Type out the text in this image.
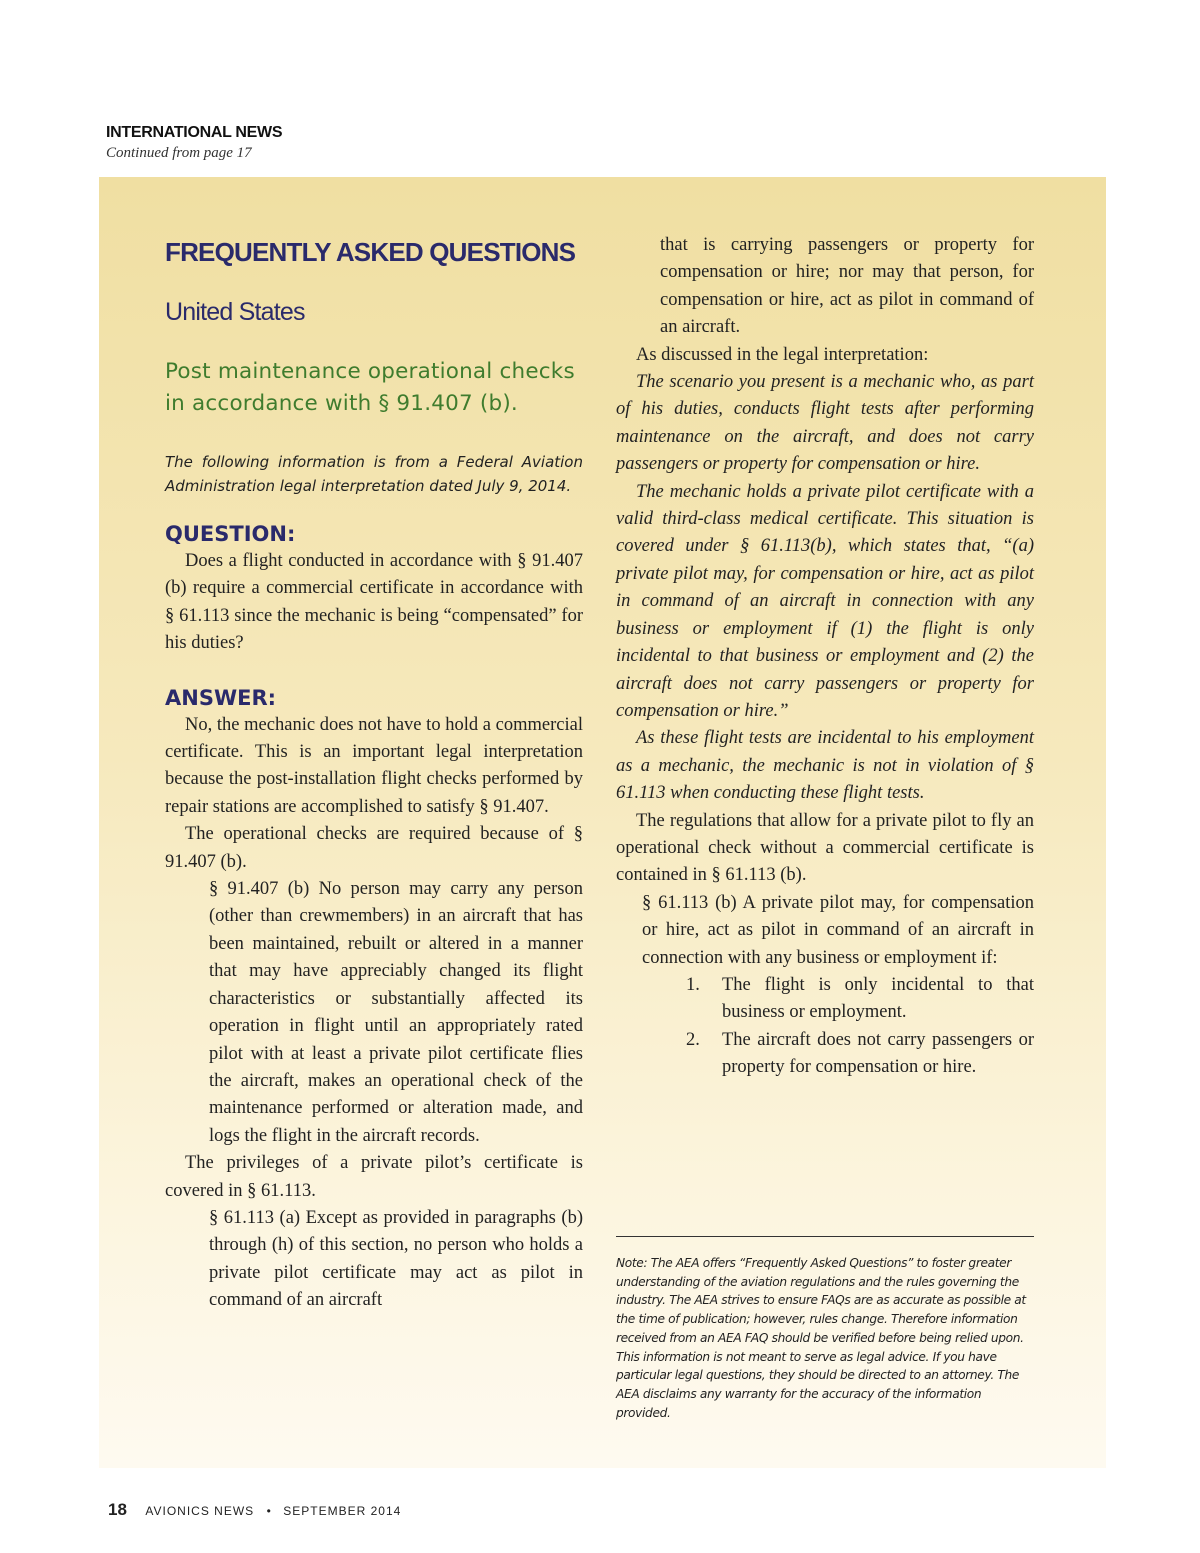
INTERNATIONAL NEWS
Continued from page 17
FREQUENTLY ASKED QUESTIONS
United States
Post maintenance operational checks in accordance with § 91.407 (b).
The following information is from a Federal Aviation Administration legal interpretation dated July 9, 2014.
QUESTION:

Does a flight conducted in accordance with § 91.407 (b) require a commercial certificate in accordance with § 61.113 since the mechanic is being “compensated” for his duties?

ANSWER:

No, the mechanic does not have to hold a commercial certificate. This is an important legal interpretation because the post-installation flight checks performed by repair stations are accomplished to satisfy § 91.407.

The operational checks are required because of § 91.407 (b).

§ 91.407 (b) No person may carry any person (other than crewmembers) in an aircraft that has been maintained, rebuilt or altered in a manner that may have appreciably changed its flight characteristics or substantially affected its operation in flight until an appropriately rated pilot with at least a private pilot certificate flies the aircraft, makes an operational check of the maintenance performed or alteration made, and logs the flight in the aircraft records.

The privileges of a private pilot’s certificate is covered in § 61.113.

§ 61.113 (a) Except as provided in paragraphs (b) through (h) of this section, no person who holds a private pilot certificate may act as pilot in command of an aircraft

that is carrying passengers or property for compensation or hire; nor may that person, for compensation or hire, act as pilot in command of an aircraft.

As discussed in the legal interpretation:

The scenario you present is a mechanic who, as part of his duties, conducts flight tests after performing maintenance on the aircraft, and does not carry passengers or property for compensation or hire.

The mechanic holds a private pilot certificate with a valid third-class medical certificate. This situation is covered under § 61.113(b), which states that, “(a) private pilot may, for compensation or hire, act as pilot in command of an aircraft in connection with any business or employment if (1) the flight is only incidental to that business or employment and (2) the aircraft does not carry passengers or property for compensation or hire.”

As these flight tests are incidental to his employment as a mechanic, the mechanic is not in violation of § 61.113 when conducting these flight tests.

The regulations that allow for a private pilot to fly an operational check without a commercial certificate is contained in § 61.113 (b).

§ 61.113 (b) A private pilot may, for compensation or hire, act as pilot in command of an aircraft in connection with any business or employment if:

1. The flight is only incidental to that business or employment.
2. The aircraft does not carry passengers or property for compensation or hire.
Note: The AEA offers “Frequently Asked Questions” to foster greater understanding of the aviation regulations and the rules governing the industry. The AEA strives to ensure FAQs are as accurate as possible at the time of publication; however, rules change. Therefore information received from an AEA FAQ should be verified before being relied upon. This information is not meant to serve as legal advice. If you have particular legal questions, they should be directed to an attorney. The AEA disclaims any warranty for the accuracy of the information provided.
18 AVIONICS NEWS • SEPTEMBER 2014
